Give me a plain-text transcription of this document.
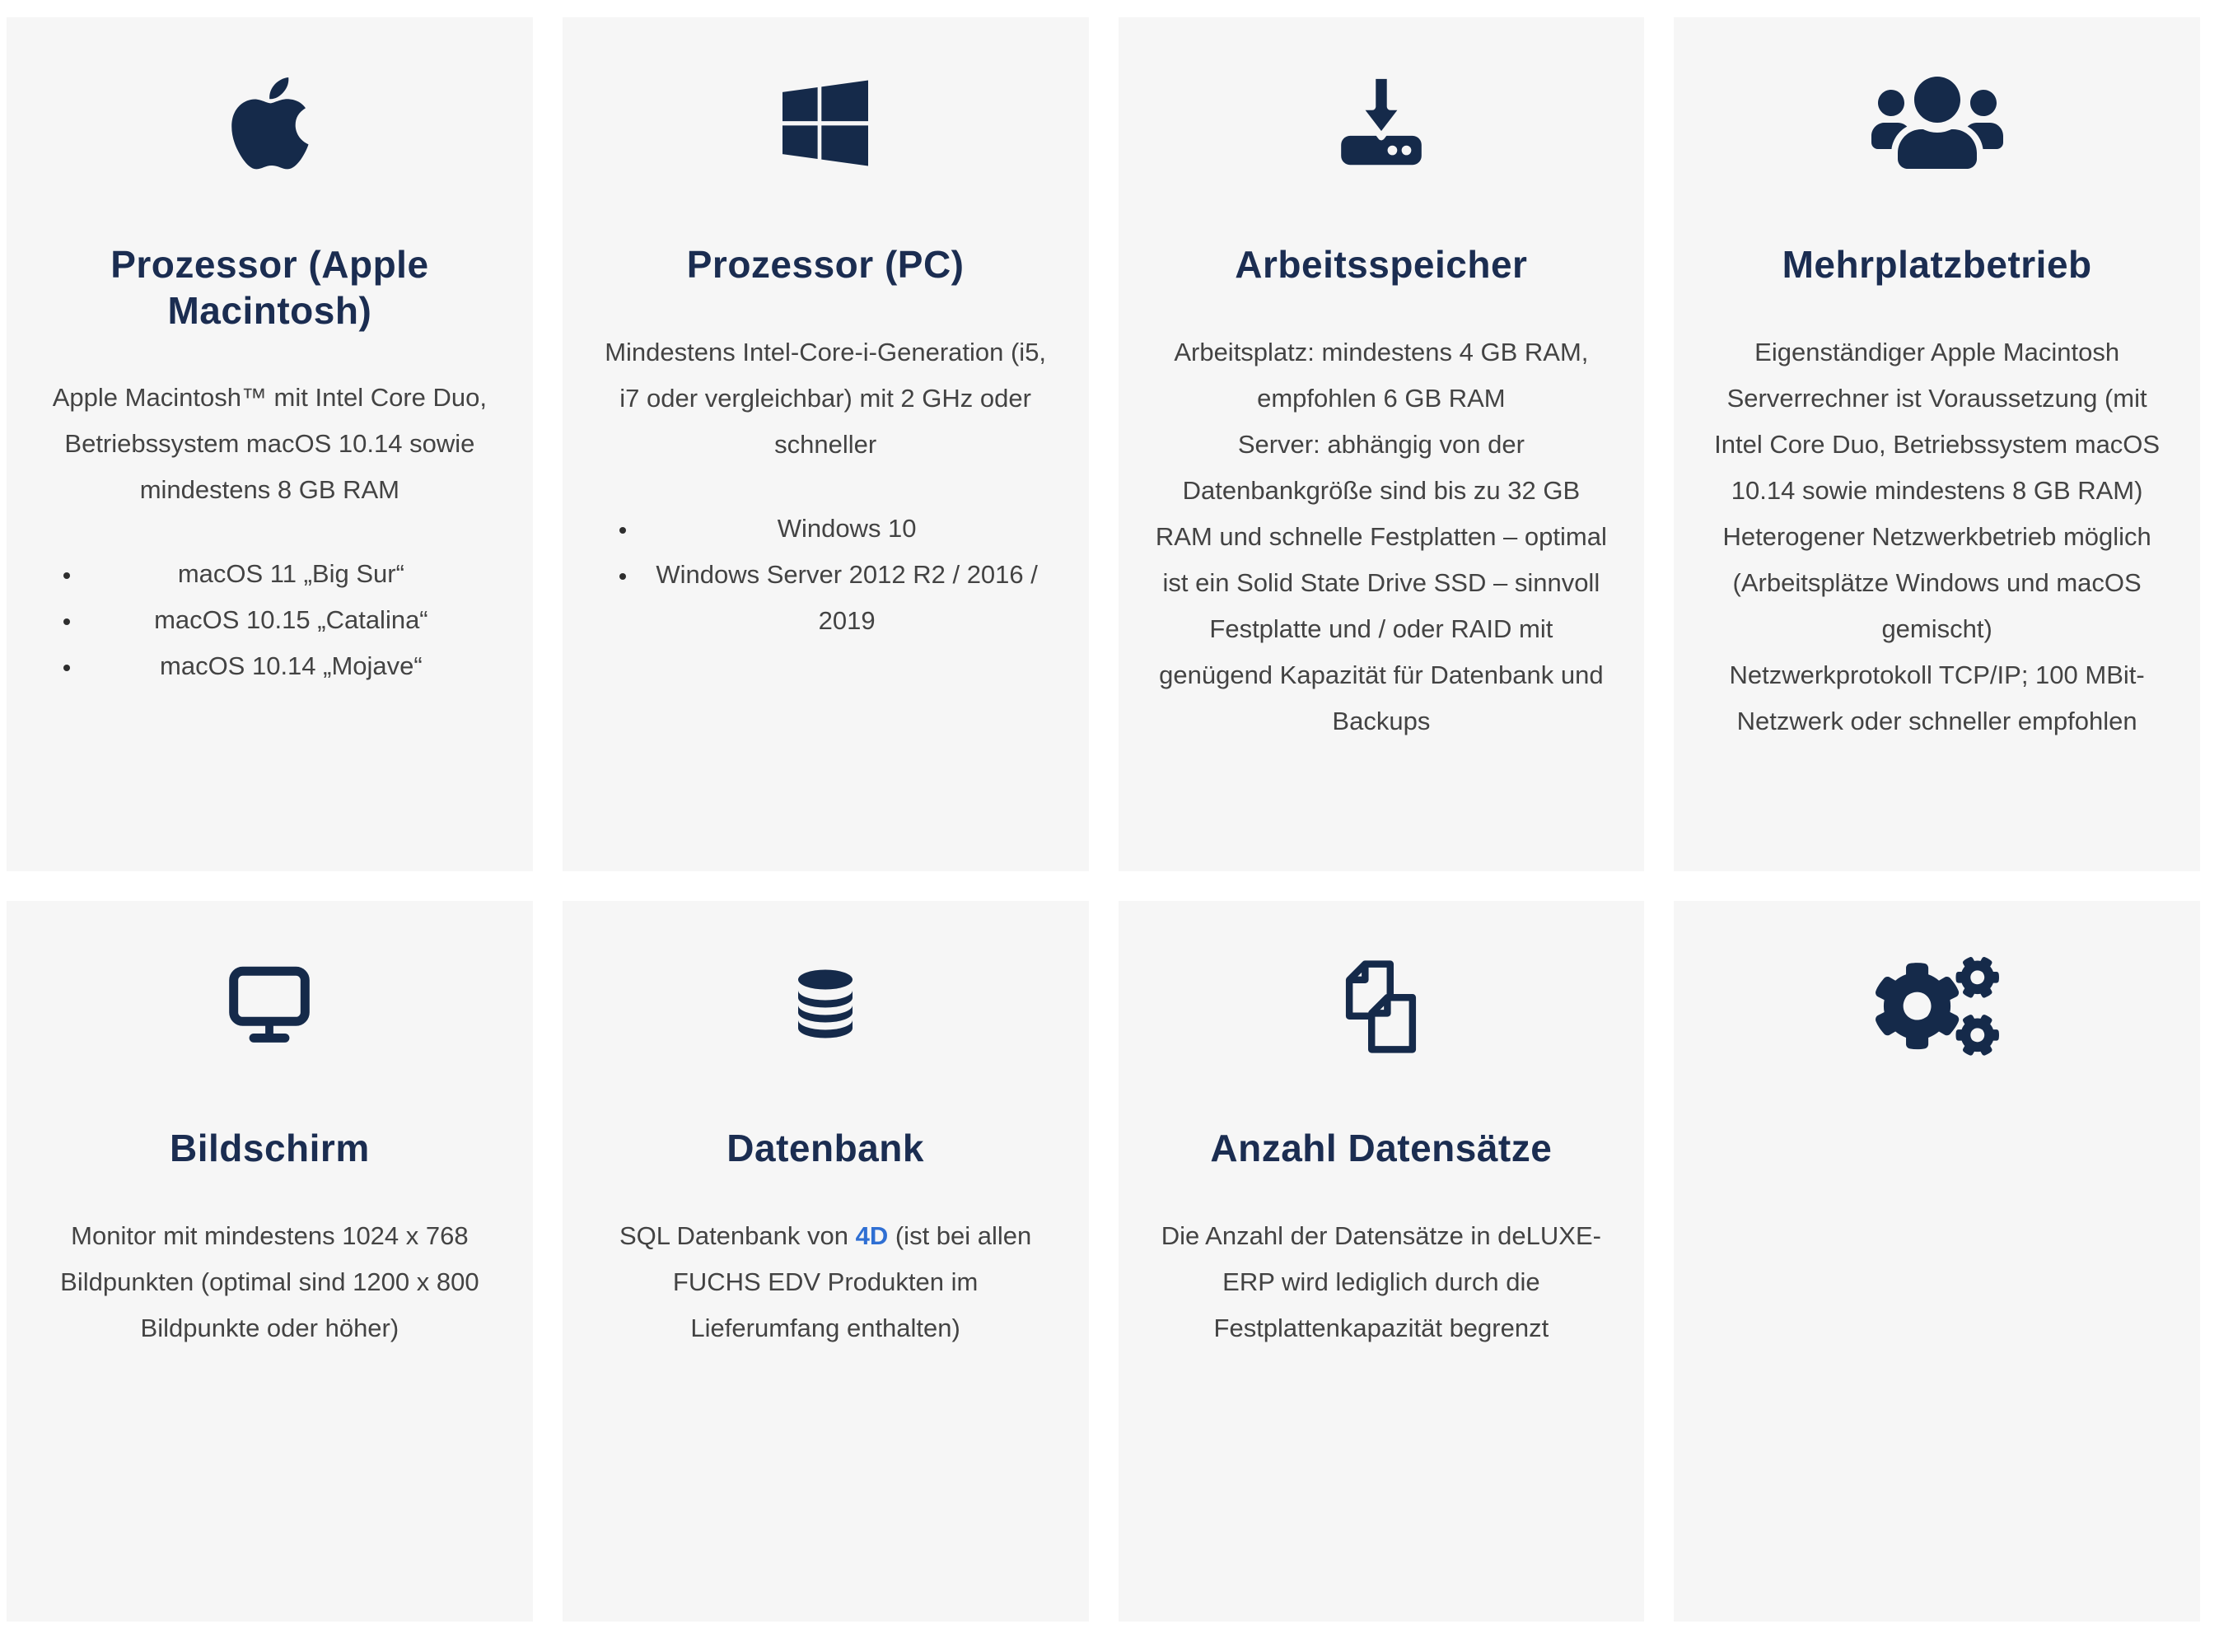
Prozessor (Apple Macintosh)
Apple Macintosh™ mit Intel Core Duo, Betriebssystem macOS 10.14 sowie mindestens 8 GB RAM
• macOS 11 „Big Sur“
• macOS 10.15 „Catalina“
• macOS 10.14 „Mojave“
Prozessor (PC)
Mindestens Intel-Core-i-Generation (i5, i7 oder vergleichbar) mit 2 GHz oder schneller
• Windows 10
• Windows Server 2012 R2 / 2016 / 2019
Arbeitsspeicher
Arbeitsplatz: mindestens 4 GB RAM, empfohlen 6 GB RAM
Server: abhängig von der Datenbankgröße sind bis zu 32 GB RAM und schnelle Festplatten – optimal ist ein Solid State Drive SSD – sinnvoll
Festplatte und / oder RAID mit genügend Kapazität für Datenbank und Backups
Mehrplatzbetrieb
Eigenständiger Apple Macintosh Serverrechner ist Voraussetzung (mit Intel Core Duo, Betriebssystem macOS 10.14 sowie mindestens 8 GB RAM)
Heterogener Netzwerkbetrieb möglich (Arbeitsplätze Windows und macOS gemischt)
Netzwerkprotokoll TCP/IP; 100 MBit-Netzwerk oder schneller empfohlen
Bildschirm
Monitor mit mindestens 1024 x 768 Bildpunkten (optimal sind 1200 x 800 Bildpunkte oder höher)
Datenbank
SQL Datenbank von 4D (ist bei allen FUCHS EDV Produkten im Lieferumfang enthalten)
Anzahl Datensätze
Die Anzahl der Datensätze in deLUXE-ERP wird lediglich durch die Festplattenkapazität begrenzt
